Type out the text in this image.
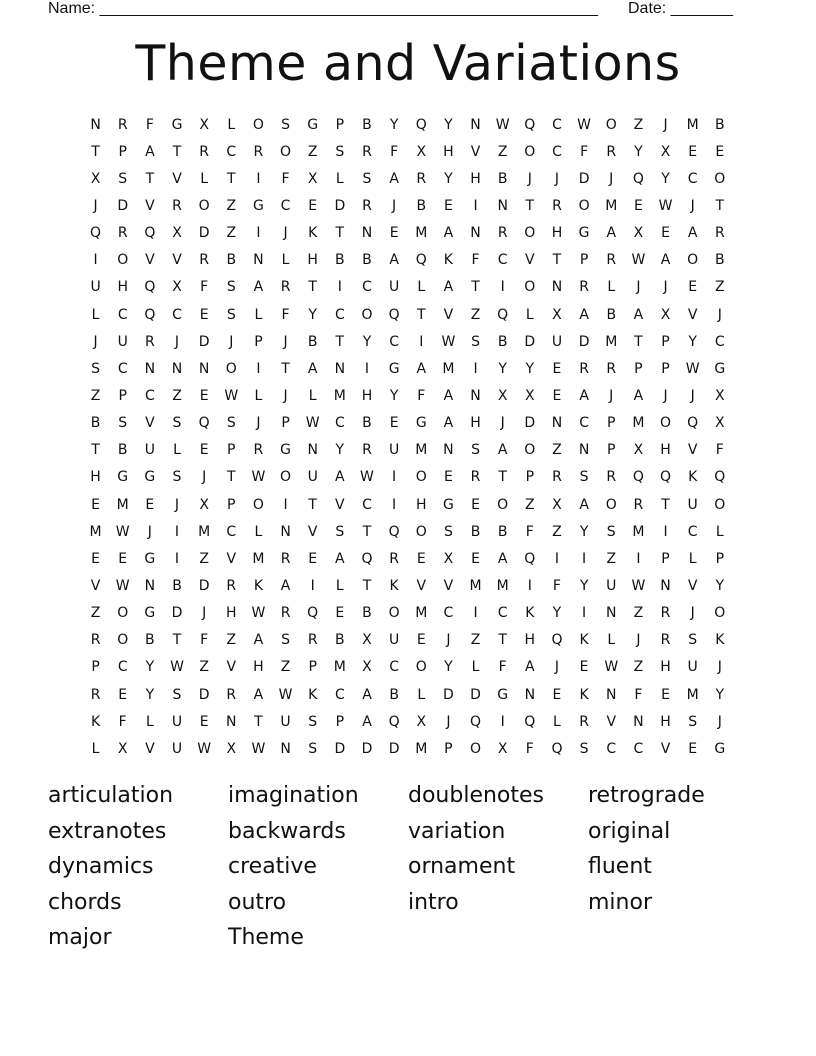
Name: ________________________________________________________ Date: _______
Theme and Variations
N	R	F	G	X	L	O	S	G	P	B	Y	Q	Y	N	W	Q	C	W	O	Z	J	M	B
T	P	A	T	R	C	R	O	Z	S	R	F	X	H	V	Z	O	C	F	R	Y	X	E	E
X	S	T	V	L	T	I	F	X	L	S	A	R	Y	H	B	J	J	D	J	Q	Y	C	O
J	D	V	R	O	Z	G	C	E	D	R	J	B	E	I	N	T	R	O	M	E	W	J	T
Q	R	Q	X	D	Z	I	J	K	T	N	E	M	A	N	R	O	H	G	A	X	E	A	R
I	O	V	V	R	B	N	L	H	B	B	A	Q	K	F	C	V	T	P	R	W	A	O	B
U	H	Q	X	F	S	A	R	T	I	C	U	L	A	T	I	O	N	R	L	J	J	E	Z
L	C	Q	C	E	S	L	F	Y	C	O	Q	T	V	Z	Q	L	X	A	B	A	X	V	J
J	U	R	J	D	J	P	J	B	T	Y	C	I	W	S	B	D	U	D	M	T	P	Y	C
S	C	N	N	N	O	I	T	A	N	I	G	A	M	I	Y	Y	E	R	R	P	P	W	G
Z	P	C	Z	E	W	L	J	L	M	H	Y	F	A	N	X	X	E	A	J	A	J	J	X
B	S	V	S	Q	S	J	P	W	C	B	E	G	A	H	J	D	N	C	P	M	O	Q	X
T	B	U	L	E	P	R	G	N	Y	R	U	M	N	S	A	O	Z	N	P	X	H	V	F
H	G	G	S	J	T	W	O	U	A	W	I	O	E	R	T	P	R	S	R	Q	Q	K	Q
E	M	E	J	X	P	O	I	T	V	C	I	H	G	E	O	Z	X	A	O	R	T	U	O
M	W	J	I	M	C	L	N	V	S	T	Q	O	S	B	B	F	Z	Y	S	M	I	C	L
E	E	G	I	Z	V	M	R	E	A	Q	R	E	X	E	A	Q	I	I	Z	I	P	L	P
V	W	N	B	D	R	K	A	I	L	T	K	V	V	M	M	I	F	Y	U	W	N	V	Y
Z	O	G	D	J	H	W	R	Q	E	B	O	M	C	I	C	K	Y	I	N	Z	R	J	O
R	O	B	T	F	Z	A	S	R	B	X	U	E	J	Z	T	H	Q	K	L	J	R	S	K
P	C	Y	W	Z	V	H	Z	P	M	X	C	O	Y	L	F	A	J	E	W	Z	H	U	J
R	E	Y	S	D	R	A	W	K	C	A	B	L	D	D	G	N	E	K	N	F	E	M	Y
K	F	L	U	E	N	T	U	S	P	A	Q	X	J	Q	I	Q	L	R	V	N	H	S	J
L	X	V	U	W	X	W	N	S	D	D	D	M	P	O	X	F	Q	S	C	C	V	E	G
articulation	imagination	doublenotes	retrograde
extranotes	backwards	variation	original
dynamics	creative	ornament	fluent
chords	outro	intro	minor
major	Theme
